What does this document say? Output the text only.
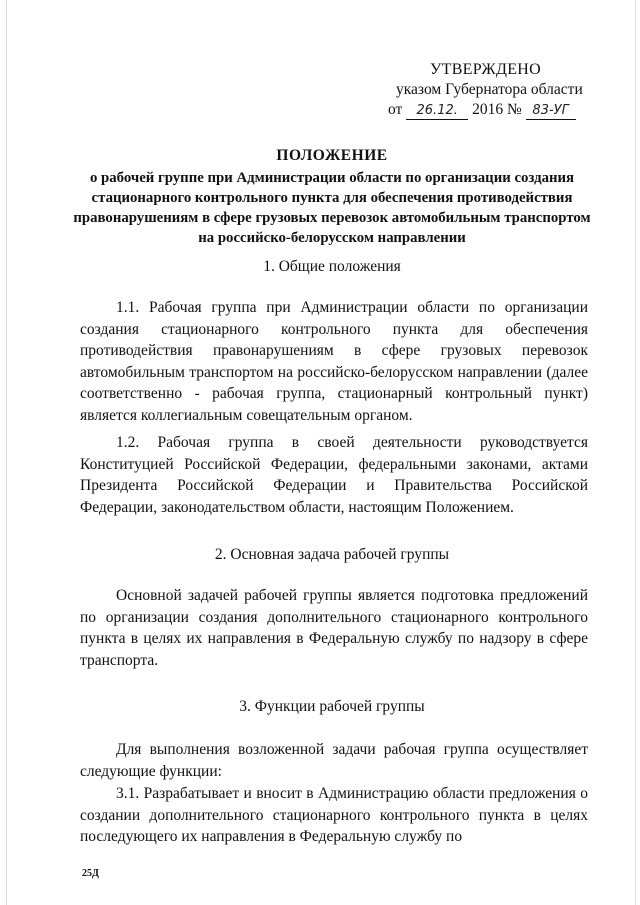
УТВЕРЖДЕНО
указом Губернатора области
от 26.12. 2016 № 83-УГ
ПОЛОЖЕНИЕ
о рабочей группе при Администрации области по организации создания стационарного контрольного пункта для обеспечения противодействия правонарушениям в сфере грузовых перевозок автомобильным транспортом на российско-белорусском направлении
1. Общие положения
1.1. Рабочая группа при Администрации области по организации создания стационарного контрольного пункта для обеспечения противодействия правонарушениям в сфере грузовых перевозок автомобильным транспортом на российско-белорусском направлении (далее соответственно - рабочая группа, стационарный контрольный пункт) является коллегиальным совещательным органом.
1.2. Рабочая группа в своей деятельности руководствуется Конституцией Российской Федерации, федеральными законами, актами Президента Российской Федерации и Правительства Российской Федерации, законодательством области, настоящим Положением.
2. Основная задача рабочей группы
Основной задачей рабочей группы является подготовка предложений по организации создания дополнительного стационарного контрольного пункта в целях их направления в Федеральную службу по надзору в сфере транспорта.
3. Функции рабочей группы
Для выполнения возложенной задачи рабочая группа осуществляет следующие функции:
3.1. Разрабатывает и вносит в Администрацию области предложения о создании дополнительного стационарного контрольного пункта в целях последующего их направления в Федеральную службу по
25Д
